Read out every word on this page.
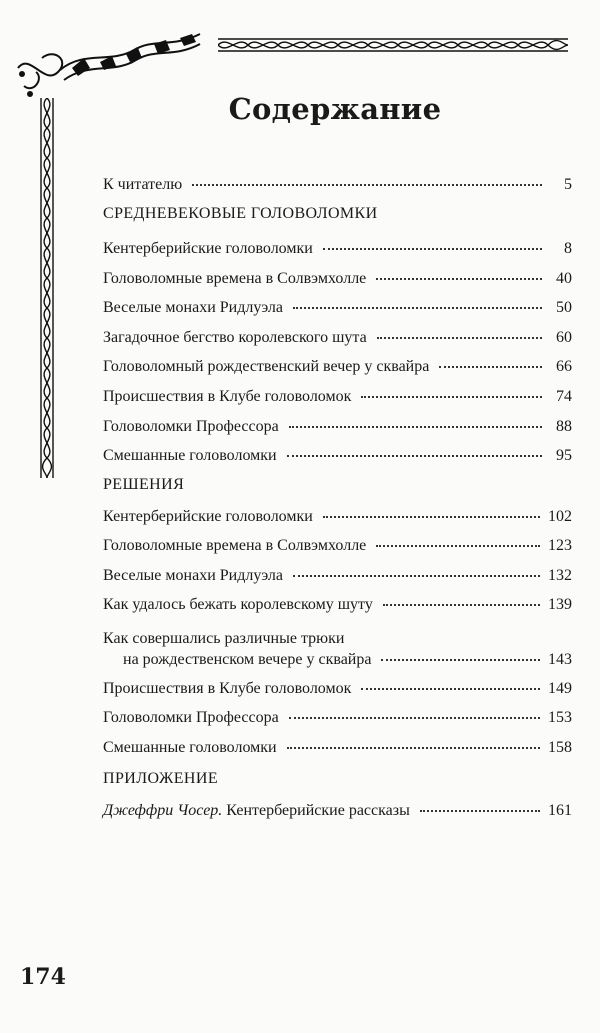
Содержание
К читателю	5
СРЕДНЕВЕКОВЫЕ ГОЛОВОЛОМКИ
Кентерберийские головоломки	8
Головоломные времена в Солвэмхолле	40
Веселые монахи Ридлуэла	50
Загадочное бегство королевского шута	60
Головоломный рождественский вечер у сквайра	66
Происшествия в Клубе головоломок	74
Головоломки Профессора	88
Смешанные головоломки	95
РЕШЕНИЯ
Кентерберийские головоломки	102
Головоломные времена в Солвэмхолле	123
Веселые монахи Ридлуэла	132
Как удалось бежать королевскому шуту	139
Как совершались различные трюки
на рождественском вечере у сквайра	143
Происшествия в Клубе головоломок	149
Головоломки Профессора	153
Смешанные головоломки	158
ПРИЛОЖЕНИЕ
Джеффри Чосер. Кентерберийские рассказы	161
174
